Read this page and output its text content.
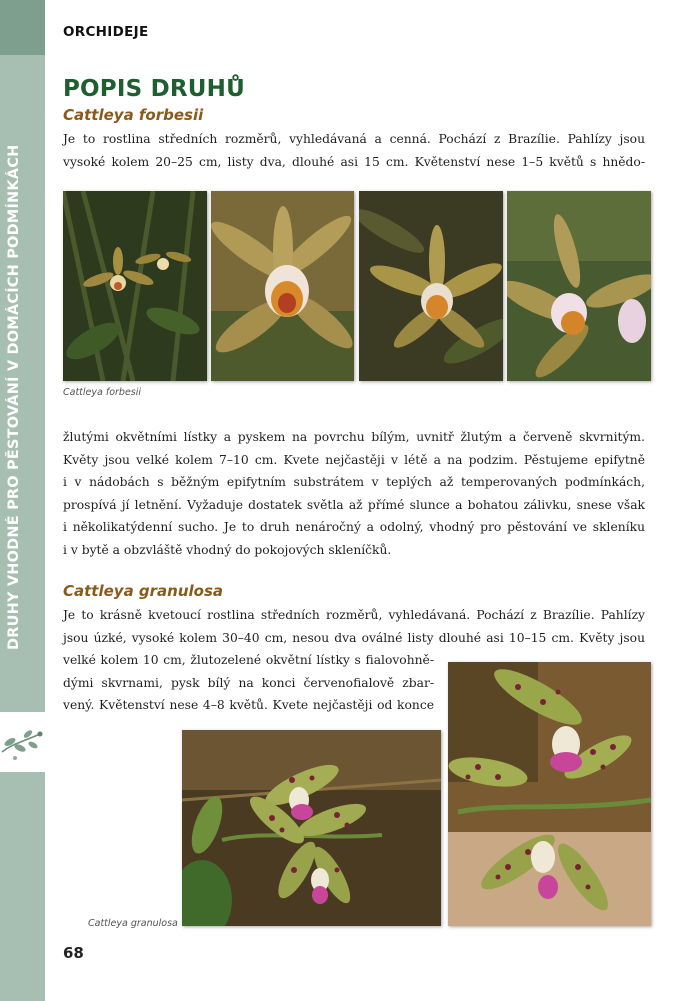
DRUHY VHODNÉ PRO PĚSTOVÁNÍ V DOMÁCÍCH PODMÍNKÁCH
ORCHIDEJE
POPIS DRUHŮ
Cattleya forbesii
Je to rostlina středních rozměrů, vyhledávaná a cenná. Pochází z Brazílie. Pahlízy jsou
vysoké kolem 20–25 cm, listy dva, dlouhé asi 15 cm. Květenství nese 1–5 květů s hnědo-
Cattleya forbesii
žlutými okvětními lístky a pyskem na povrchu bílým, uvnitř žlutým a červeně skvrnitým.
Květy jsou velké kolem 7–10 cm. Kvete nejčastěji v létě a na podzim. Pěstujeme epifytně
i v nádobách s běžným epifytním substrátem v teplých až temperovaných podmínkách,
prospívá jí letnění. Vyžaduje dostatek světla až přímé slunce a bohatou zálivku, snese však
i několikatýdenní sucho. Je to druh nenáročný a odolný, vhodný pro pěstování ve skleníku
i v bytě a obzvláště vhodný do pokojových skleníčků.
Cattleya granulosa
Je to krásně kvetoucí rostlina středních rozměrů, vyhledávaná. Pochází z Brazílie. Pahlízy
jsou úzké, vysoké kolem 30–40 cm, nesou dva oválné listy dlouhé asi 10–15 cm. Květy jsou
velké kolem 10 cm, žlutozelené okvětní lístky s fialovohně-
dými skvrnami, pysk bílý na konci červenofialově zbar-
vený. Květenství nese 4–8 květů. Kvete nejčastěji od konce
Cattleya granulosa
68
